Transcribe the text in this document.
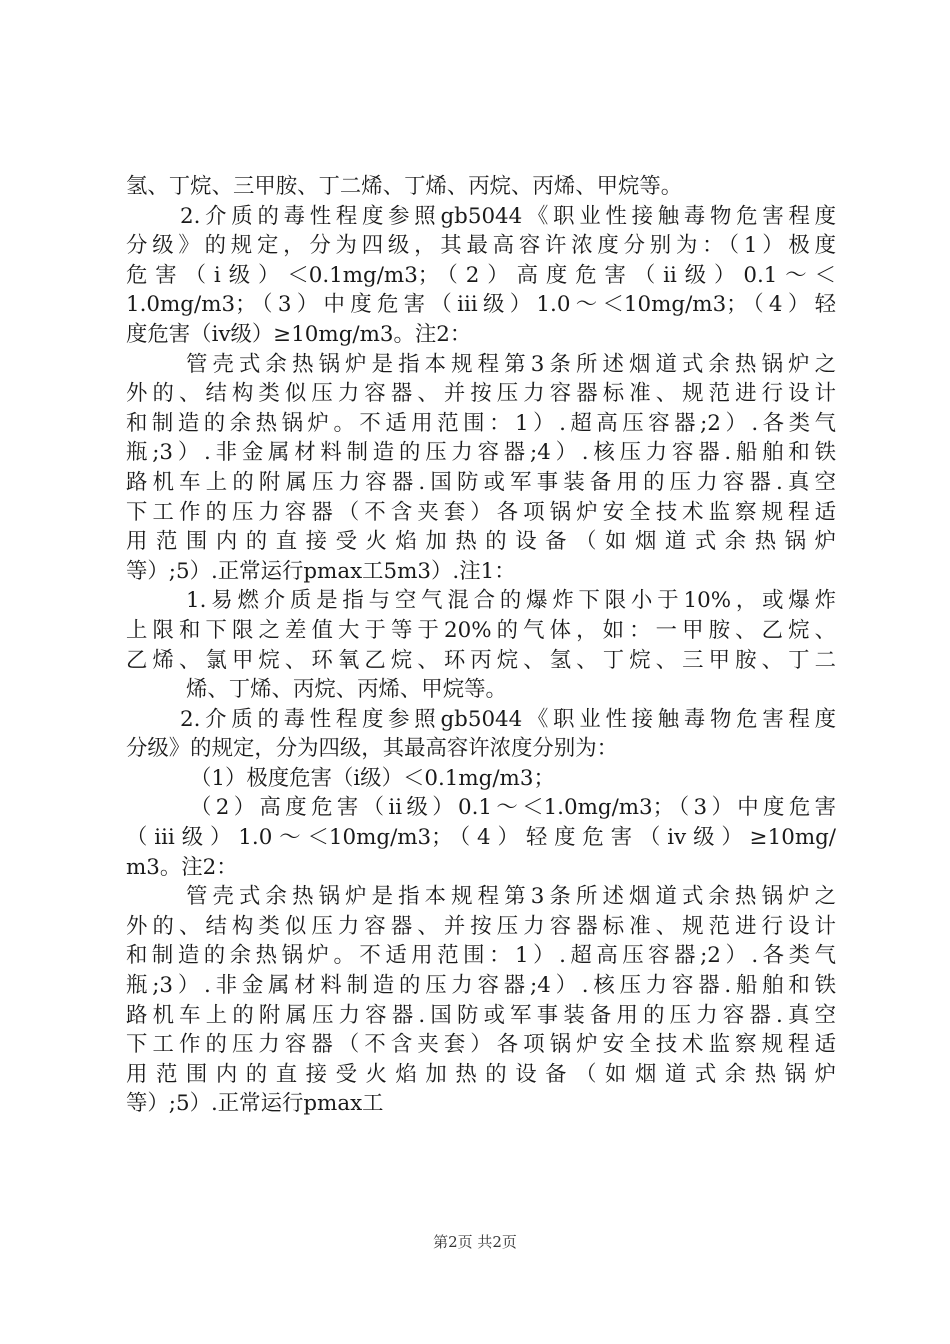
氢、丁烷、三甲胺、丁二烯、丁烯、丙烷、丙烯、甲烷等。
2.介质的毒性程度参照gb5044《职业性接触毒物危害程度
分级》的规定，分为四级，其最高容许浓度分别为：（1）极度
危害（ⅰ级）＜0.1mg/m3；（2）高度危害（ⅱ级）0.1～＜
1.0mg/m3；（3）中度危害（ⅲ级）1.0～＜10mg/m3；（4）轻
度危害（ⅳ级）≥10mg/m3。注2：
管壳式余热锅炉是指本规程第3条所述烟道式余热锅炉之
外的、结构类似压力容器、并按压力容器标准、规范进行设计
和制造的余热锅炉。不适用范围：1）.超高压容器;2）.各类气
瓶;3）.非金属材料制造的压力容器;4）.核压力容器.船舶和铁
路机车上的附属压力容器.国防或军事装备用的压力容器.真空
下工作的压力容器（不含夹套）各项锅炉安全技术监察规程适
用范围内的直接受火焰加热的设备（如烟道式余热锅炉
等）;5）.正常运行pmax工5m3）.注1：
1.易燃介质是指与空气混合的爆炸下限小于10%，或爆炸
上限和下限之差值大于等于20%的气体，如：一甲胺、乙烷、
乙烯、氯甲烷、环氧乙烷、环丙烷、氢、丁烷、三甲胺、丁二
烯、丁烯、丙烷、丙烯、甲烷等。
2.介质的毒性程度参照gb5044《职业性接触毒物危害程度
分级》的规定，分为四级，其最高容许浓度分别为：
（1）极度危害（ⅰ级）＜0.1mg/m3；
（2）高度危害（ⅱ级）0.1～＜1.0mg/m3；（3）中度危害
（ⅲ级）1.0～＜10mg/m3；（4）轻度危害（ⅳ级）≥10mg/
m3。注2：
管壳式余热锅炉是指本规程第3条所述烟道式余热锅炉之
外的、结构类似压力容器、并按压力容器标准、规范进行设计
和制造的余热锅炉。不适用范围：1）.超高压容器;2）.各类气
瓶;3）.非金属材料制造的压力容器;4）.核压力容器.船舶和铁
路机车上的附属压力容器.国防或军事装备用的压力容器.真空
下工作的压力容器（不含夹套）各项锅炉安全技术监察规程适
用范围内的直接受火焰加热的设备（如烟道式余热锅炉
等）;5）.正常运行pmax工
第2页 共2页
